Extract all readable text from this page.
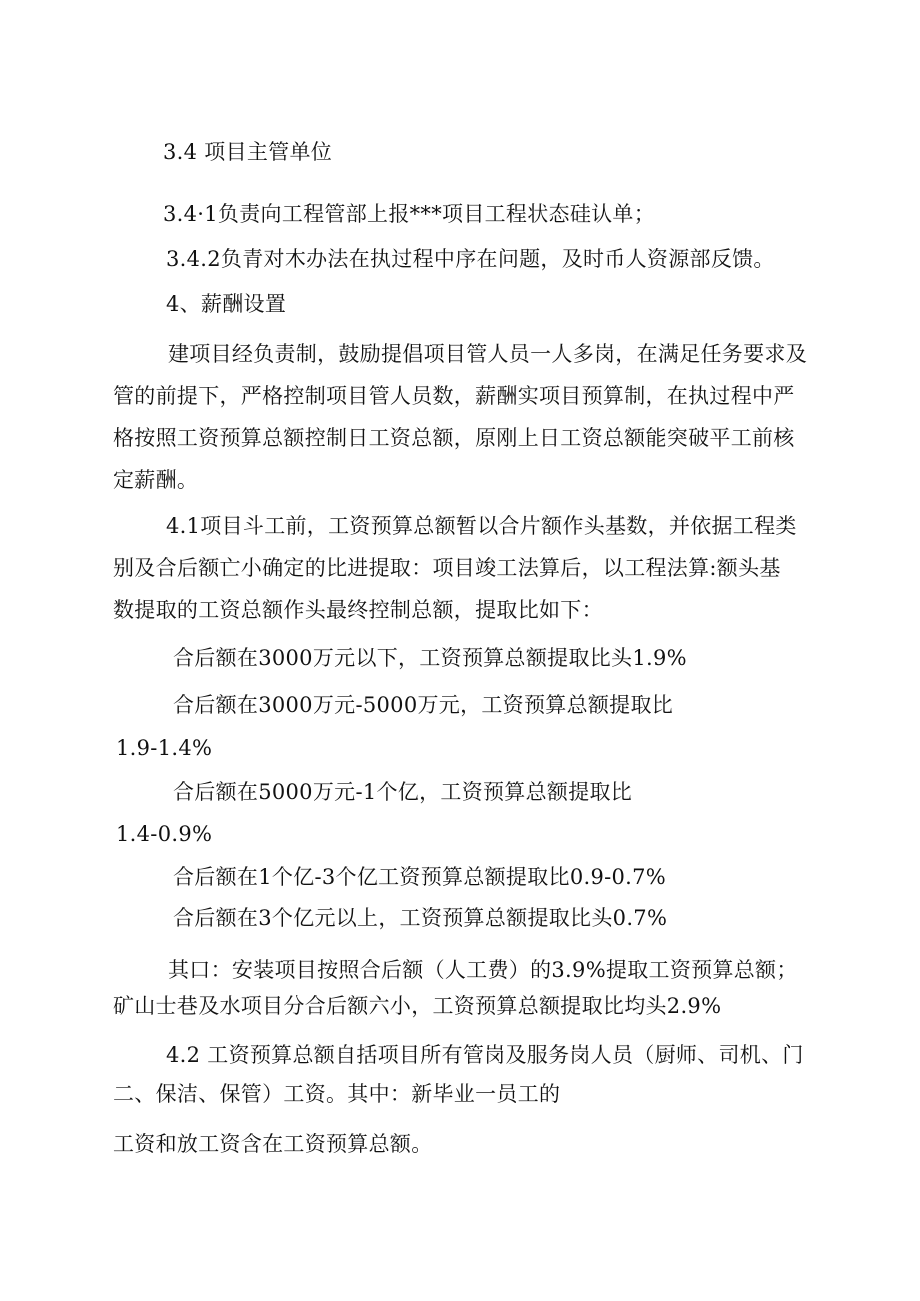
3.4 项目主管单位
3.4·1负责向工程管部上报***项目工程状态硅认单；
3.4.2负青对木办法在执过程中序在问题，及时币人资源部反馈。
4、薪酬设置
建项目经负责制，鼓励提倡项目管人员一人多岗，在满足任务要求及
管的前提下，严格控制项目管人员数，薪酬实项目预算制，在执过程中严
格按照工资预算总额控制日工资总额，原刚上日工资总额能突破平工前核
定薪酬。
4.1项目斗工前，工资预算总额暂以合片额作头基数，并依据工程类
别及合后额亡小确定的比进提取：项目竣工法算后，以工程法算:额头基
数提取的工资总额作头最终控制总额，提取比如下：
合后额在3000万元以下，工资预算总额提取比头1.9%
合后额在3000万元-5000万元，工资预算总额提取比
1.9-1.4%
合后额在5000万元-1个亿，工资预算总额提取比
1.4-0.9%
合后额在1个亿-3个亿工资预算总额提取比0.9-0.7%
合后额在3个亿元以上，工资预算总额提取比头0.7%
其口：安装项目按照合后额（人工费）的3.9%提取工资预算总额；
矿山士巷及水项目分合后额六小，工资预算总额提取比均头2.9%
4.2 工资预算总额自括项目所有管岗及服务岗人员（厨师、司机、门
二、保洁、保管）工资。其中：新毕业一员工的
工资和放工资含在工资预算总额。
